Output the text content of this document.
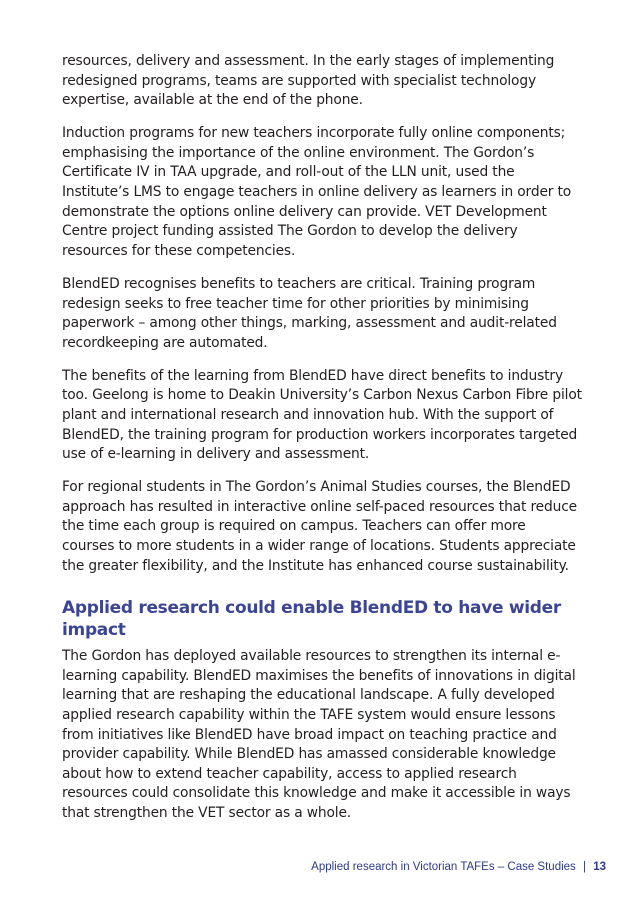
resources, delivery and assessment. In the early stages of implementing redesigned programs, teams are supported with specialist technology expertise, available at the end of the phone.

Induction programs for new teachers incorporate fully online components; emphasising the importance of the online environment. The Gordon’s Certificate IV in TAA upgrade, and roll-out of the LLN unit, used the Institute’s LMS to engage teachers in online delivery as learners in order to demonstrate the options online delivery can provide. VET Development Centre project funding assisted The Gordon to develop the delivery resources for these competencies.

BlendED recognises benefits to teachers are critical. Training program redesign seeks to free teacher time for other priorities by minimising paperwork – among other things, marking, assessment and audit-related recordkeeping are automated.

The benefits of the learning from BlendED have direct benefits to industry too. Geelong is home to Deakin University’s Carbon Nexus Carbon Fibre pilot plant and international research and innovation hub. With the support of BlendED, the training program for production workers incorporates targeted use of e-learning in delivery and assessment.

For regional students in The Gordon’s Animal Studies courses, the BlendED approach has resulted in interactive online self-paced resources that reduce the time each group is required on campus. Teachers can offer more courses to more students in a wider range of locations. Students appreciate the greater flexibility, and the Institute has enhanced course sustainability.

Applied research could enable BlendED to have wider impact

The Gordon has deployed available resources to strengthen its internal e-learning capability. BlendED maximises the benefits of innovations in digital learning that are reshaping the educational landscape. A fully developed applied research capability within the TAFE system would ensure lessons from initiatives like BlendED have broad impact on teaching practice and provider capability. While BlendED has amassed considerable knowledge about how to extend teacher capability, access to applied research resources could consolidate this knowledge and make it accessible in ways that strengthen the VET sector as a whole.

Applied research in Victorian TAFEs – Case Studies | 13
